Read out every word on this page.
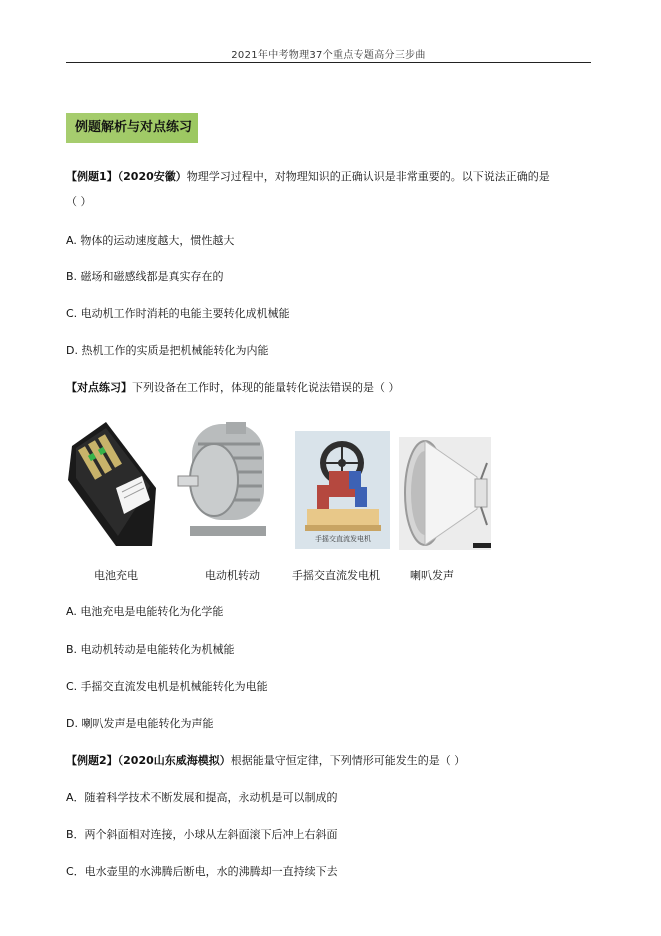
2021年中考物理37个重点专题高分三步曲
例题解析与对点练习
【例题1】（2020安徽）物理学习过程中，对物理知识的正确认识是非常重要的。以下说法正确的是
（ ）
A. 物体的运动速度越大，惯性越大
B. 磁场和磁感线都是真实存在的
C. 电动机工作时消耗的电能主要转化成机械能
D. 热机工作的实质是把机械能转化为内能
【对点练习】下列设备在工作时，体现的能量转化说法错误的是（ ）
手摇交直流发电机
电池充电	电动机转动	手摇交直流发电机	喇叭发声
A. 电池充电是电能转化为化学能
B. 电动机转动是电能转化为机械能
C. 手摇交直流发电机是机械能转化为电能
D. 喇叭发声是电能转化为声能
【例题2】（2020山东威海模拟）根据能量守恒定律，下列情形可能发生的是（ ）
A．随着科学技术不断发展和提高，永动机是可以制成的
B．两个斜面相对连接，小球从左斜面滚下后冲上右斜面
C．电水壶里的水沸腾后断电，水的沸腾却一直持续下去
